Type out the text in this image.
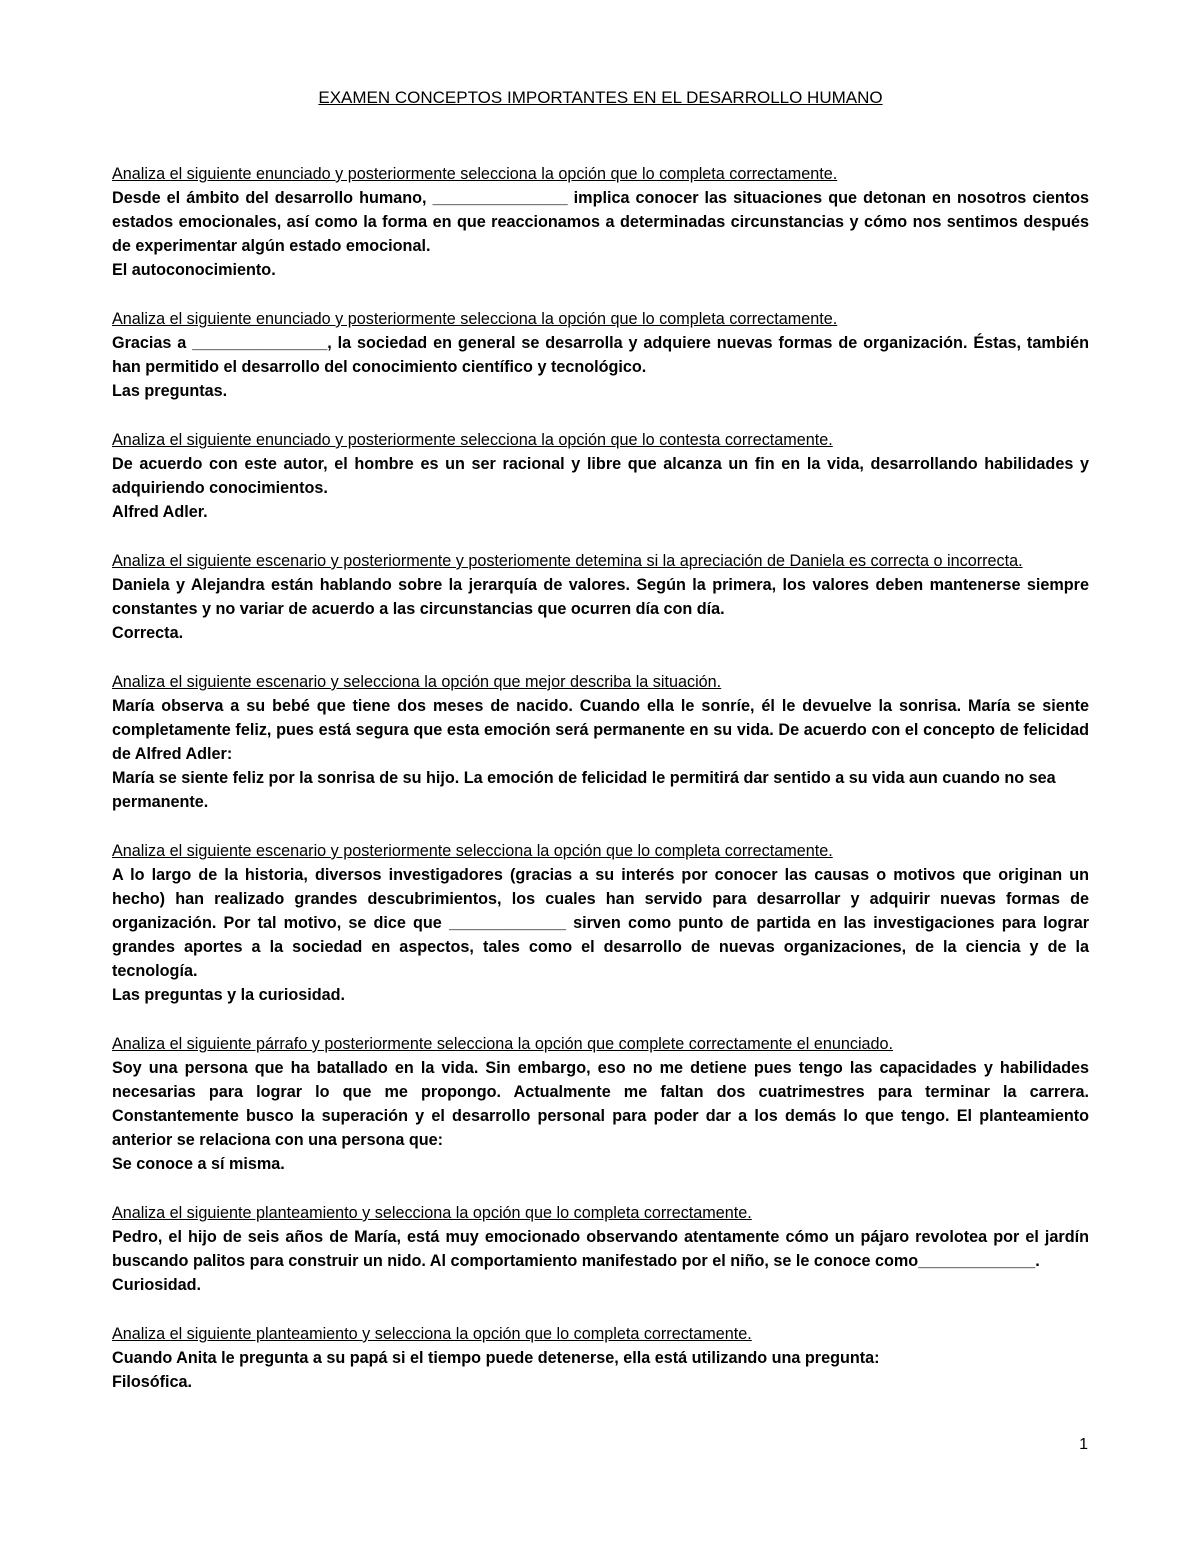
EXAMEN CONCEPTOS IMPORTANTES EN EL DESARROLLO HUMANO

Analiza el siguiente enunciado y posteriormente selecciona la opción que lo completa correctamente.

Desde el ámbito del desarrollo humano, _______________ implica conocer las situaciones que detonan en nosotros cientos estados emocionales, así como la forma en que reaccionamos a determinadas circunstancias y cómo nos sentimos después de experimentar algún estado emocional.

El autoconocimiento.

Analiza el siguiente enunciado y posteriormente selecciona la opción que lo completa correctamente.

Gracias a _______________, la sociedad en general se desarrolla y adquiere nuevas formas de organización. Éstas, también han permitido el desarrollo del conocimiento científico y tecnológico.

Las preguntas.

Analiza el siguiente enunciado y posteriormente selecciona la opción que lo contesta correctamente.

De acuerdo con este autor, el hombre es un ser racional y libre que alcanza un fin en la vida, desarrollando habilidades y adquiriendo conocimientos.

Alfred Adler.

Analiza el siguiente escenario y posteriormente y posteriomente detemina si la apreciación de Daniela es correcta o incorrecta.

Daniela y Alejandra están hablando sobre la jerarquía de valores. Según la primera, los valores deben mantenerse siempre constantes y no variar de acuerdo a las circunstancias que ocurren día con día.

Correcta.

Analiza el siguiente escenario y selecciona la opción que mejor describa la situación.

María observa a su bebé que tiene dos meses de nacido. Cuando ella le sonríe, él le devuelve la sonrisa. María se siente completamente feliz, pues está segura que esta emoción será permanente en su vida. De acuerdo con el concepto de felicidad de Alfred Adler:

María se siente feliz por la sonrisa de su hijo. La emoción de felicidad le permitirá dar sentido a su vida aun cuando no sea permanente.

Analiza el siguiente escenario y posteriormente selecciona la opción que lo completa correctamente.

A lo largo de la historia, diversos investigadores (gracias a su interés por conocer las causas o motivos que originan un hecho) han realizado grandes descubrimientos, los cuales han servido para desarrollar y adquirir nuevas formas de organización. Por tal motivo, se dice que _____________ sirven como punto de partida en las investigaciones para lograr grandes aportes a la sociedad en aspectos, tales como el desarrollo de nuevas organizaciones, de la ciencia y de la tecnología.

Las preguntas y la curiosidad.

Analiza el siguiente párrafo y posteriormente selecciona la opción que complete correctamente el enunciado.

Soy una persona que ha batallado en la vida. Sin embargo, eso no me detiene pues tengo las capacidades y habilidades necesarias para lograr lo que me propongo. Actualmente me faltan dos cuatrimestres para terminar la carrera. Constantemente busco la superación y el desarrollo personal para poder dar a los demás lo que tengo. El planteamiento anterior se relaciona con una persona que:

Se conoce a sí misma.

Analiza el siguiente planteamiento y selecciona la opción que lo completa correctamente.

Pedro, el hijo de seis años de María, está muy emocionado observando atentamente cómo un pájaro revolotea por el jardín buscando palitos para construir un nido. Al comportamiento manifestado por el niño, se le conoce como_____________.

Curiosidad.

Analiza el siguiente planteamiento y selecciona la opción que lo completa correctamente.

Cuando Anita le pregunta a su papá si el tiempo puede detenerse, ella está utilizando una pregunta:

Filosófica.

1
